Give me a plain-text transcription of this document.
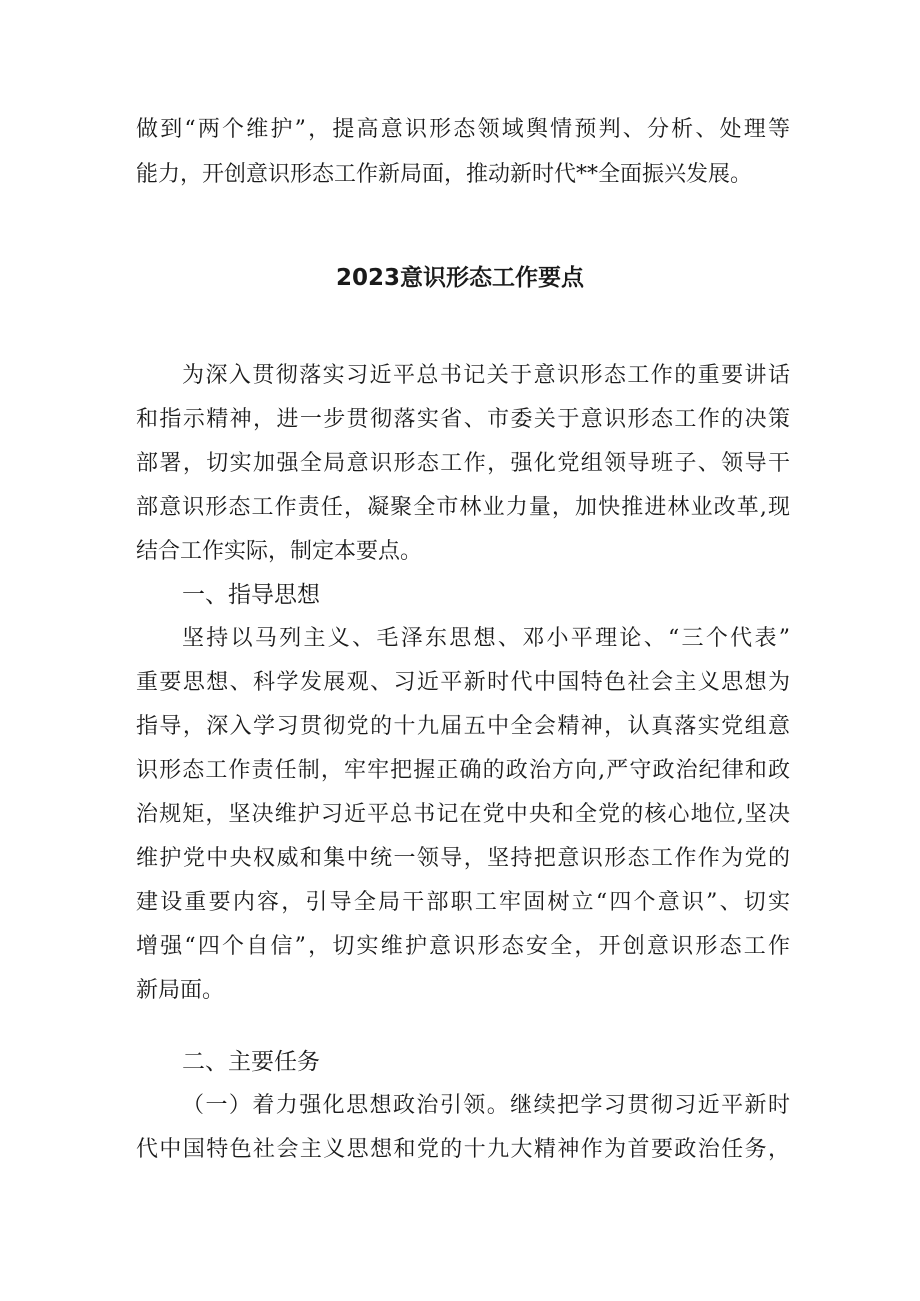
做到“两个维护”，提高意识形态领域舆情预判、分析、处理等
能力，开创意识形态工作新局面，推动新时代**全面振兴发展。
2023意识形态工作要点
为深入贯彻落实习近平总书记关于意识形态工作的重要讲话
和指示精神，进一步贯彻落实省、市委关于意识形态工作的决策
部署，切实加强全局意识形态工作，强化党组领导班子、领导干
部意识形态工作责任，凝聚全市林业力量，加快推进林业改革,现
结合工作实际，制定本要点。
一、指导思想
坚持以马列主义、毛泽东思想、邓小平理论、“三个代表”
重要思想、科学发展观、习近平新时代中国特色社会主义思想为
指导，深入学习贯彻党的十九届五中全会精神，认真落实党组意
识形态工作责任制，牢牢把握正确的政治方向,严守政治纪律和政
治规矩，坚决维护习近平总书记在党中央和全党的核心地位,坚决
维护党中央权威和集中统一领导，坚持把意识形态工作作为党的
建设重要内容，引导全局干部职工牢固树立“四个意识”、切实
增强“四个自信”，切实维护意识形态安全，开创意识形态工作
新局面。
二、主要任务
（一）着力强化思想政治引领。继续把学习贯彻习近平新时
代中国特色社会主义思想和党的十九大精神作为首要政治任务，
